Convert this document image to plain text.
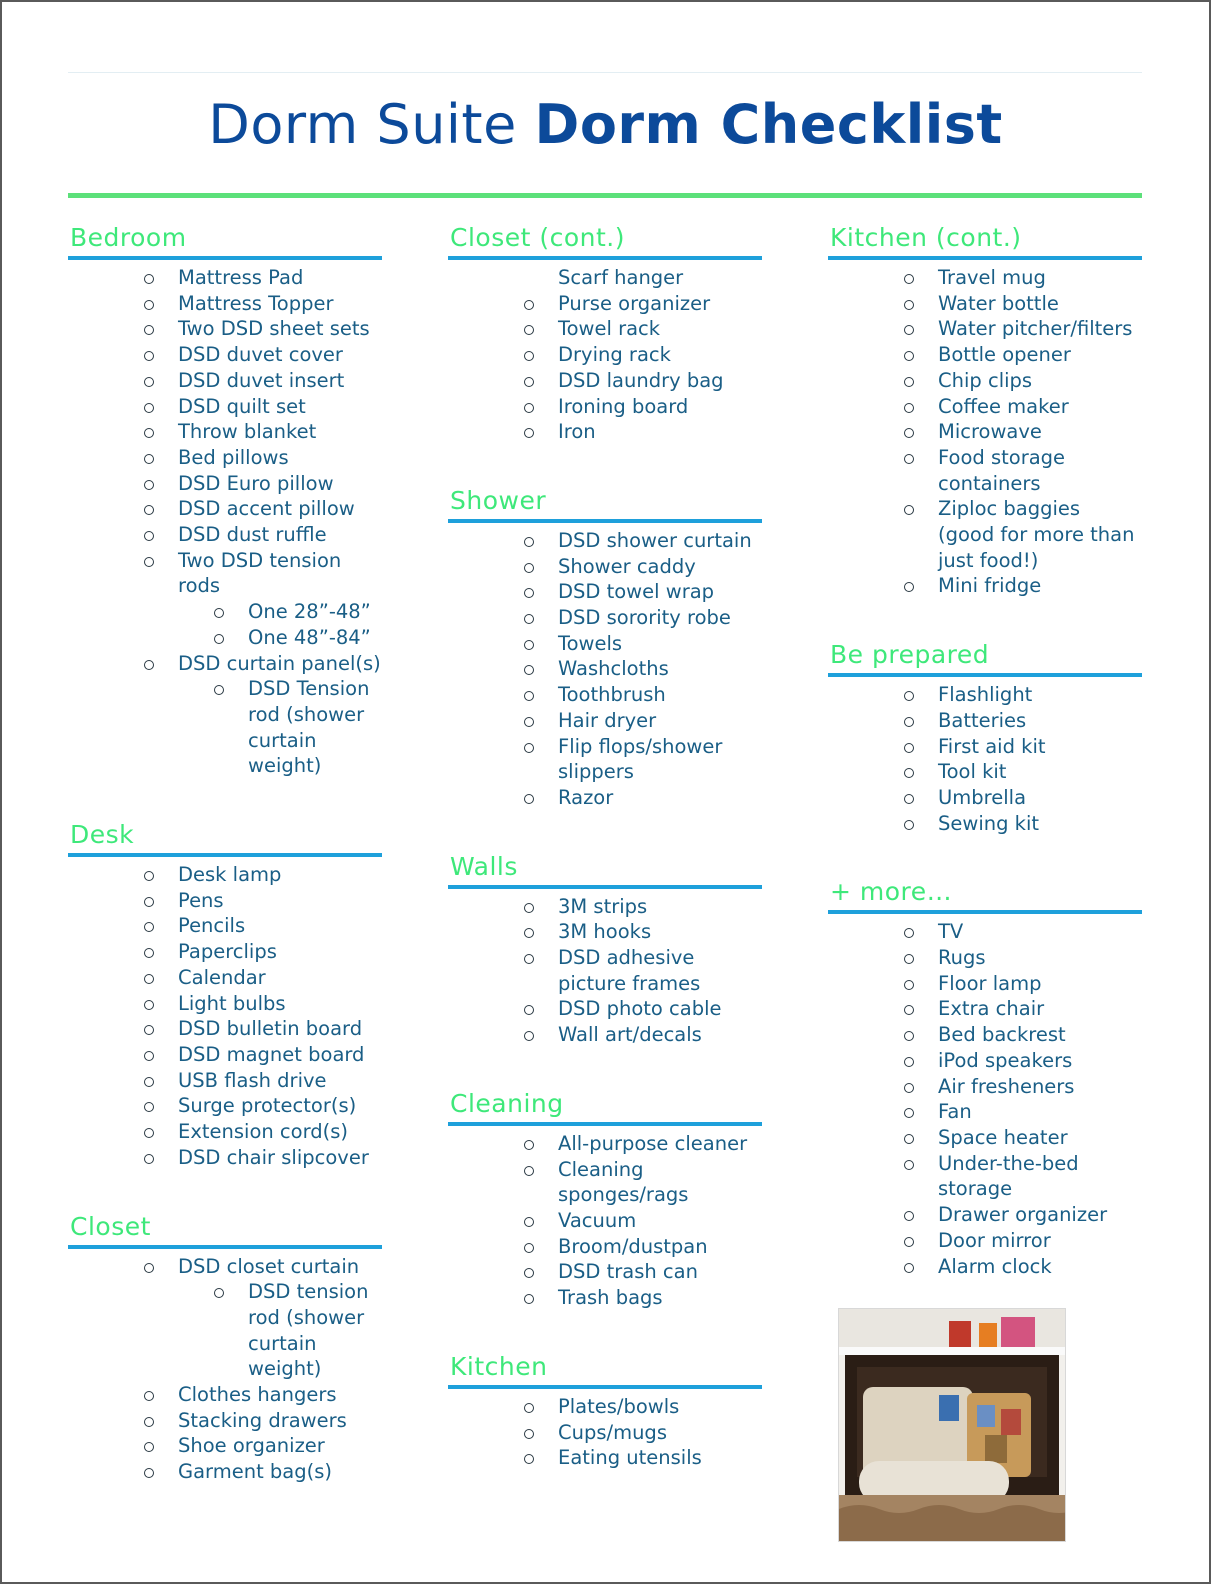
Dorm Suite Dorm Checklist
Bedroom
Mattress Pad
Mattress Topper
Two DSD sheet sets
DSD duvet cover
DSD duvet insert
DSD quilt set
Throw blanket
Bed pillows
DSD Euro pillow
DSD accent pillow
DSD dust ruffle
Two DSD tension rods
One 28”-48”
One 48”-84”
DSD curtain panel(s)
DSD Tension rod (shower curtain weight)
Desk
Desk lamp
Pens
Pencils
Paperclips
Calendar
Light bulbs
DSD bulletin board
DSD magnet board
USB flash drive
Surge protector(s)
Extension cord(s)
DSD chair slipcover
Closet
DSD closet curtain
DSD tension rod (shower curtain weight)
Clothes hangers
Stacking drawers
Shoe organizer
Garment bag(s)
Closet (cont.)
Scarf hanger
Purse organizer
Towel rack
Drying rack
DSD laundry bag
Ironing board
Iron
Shower
DSD shower curtain
Shower caddy
DSD towel wrap
DSD sorority robe
Towels
Washcloths
Toothbrush
Hair dryer
Flip flops/shower slippers
Razor
Walls
3M strips
3M hooks
DSD adhesive picture frames
DSD photo cable
Wall art/decals
Cleaning
All-purpose cleaner
Cleaning sponges/rags
Vacuum
Broom/dustpan
DSD trash can
Trash bags
Kitchen
Plates/bowls
Cups/mugs
Eating utensils
Kitchen (cont.)
Travel mug
Water bottle
Water pitcher/filters
Bottle opener
Chip clips
Coffee maker
Microwave
Food storage containers
Ziploc baggies (good for more than just food!)
Mini fridge
Be prepared
Flashlight
Batteries
First aid kit
Tool kit
Umbrella
Sewing kit
+ more…
TV
Rugs
Floor lamp
Extra chair
Bed backrest
iPod speakers
Air fresheners
Fan
Space heater
Under-the-bed storage
Drawer organizer
Door mirror
Alarm clock
